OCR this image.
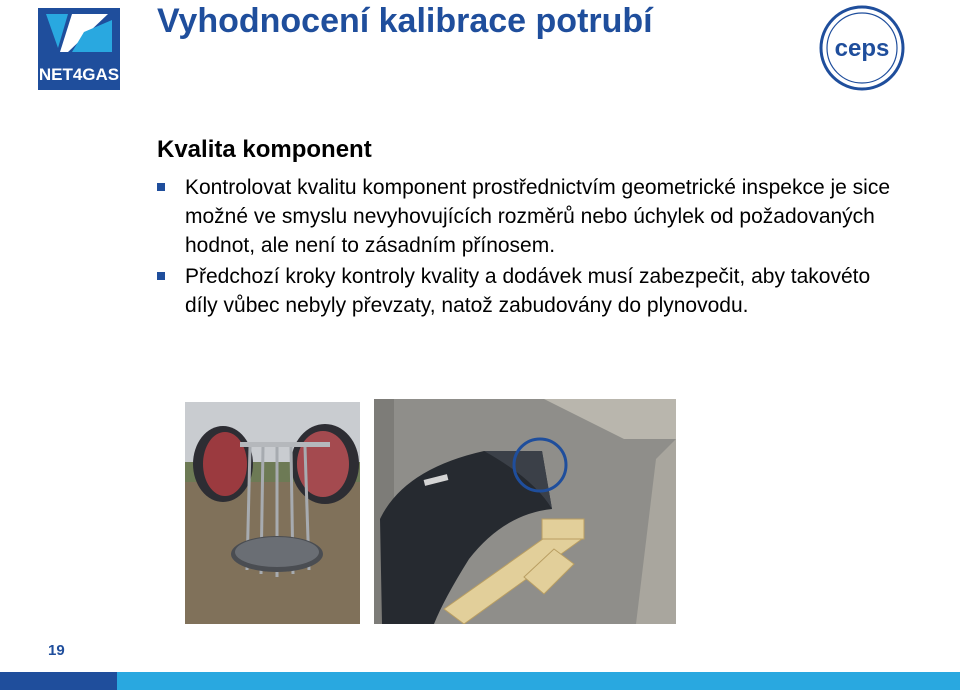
NET4GAS
Vyhodnocení kalibrace potrubí
ceps
Kvalita komponent
Kontrolovat kvalitu komponent prostřednictvím geometrické inspekce je sice možné ve smyslu nevyhovujících rozměrů nebo úchylek od požadovaných hodnot, ale není to zásadním přínosem.
Předchozí kroky kontroly kvality a dodávek musí zabezpečit, aby takovéto díly vůbec nebyly převzaty, natož zabudovány do plynovodu.
19
